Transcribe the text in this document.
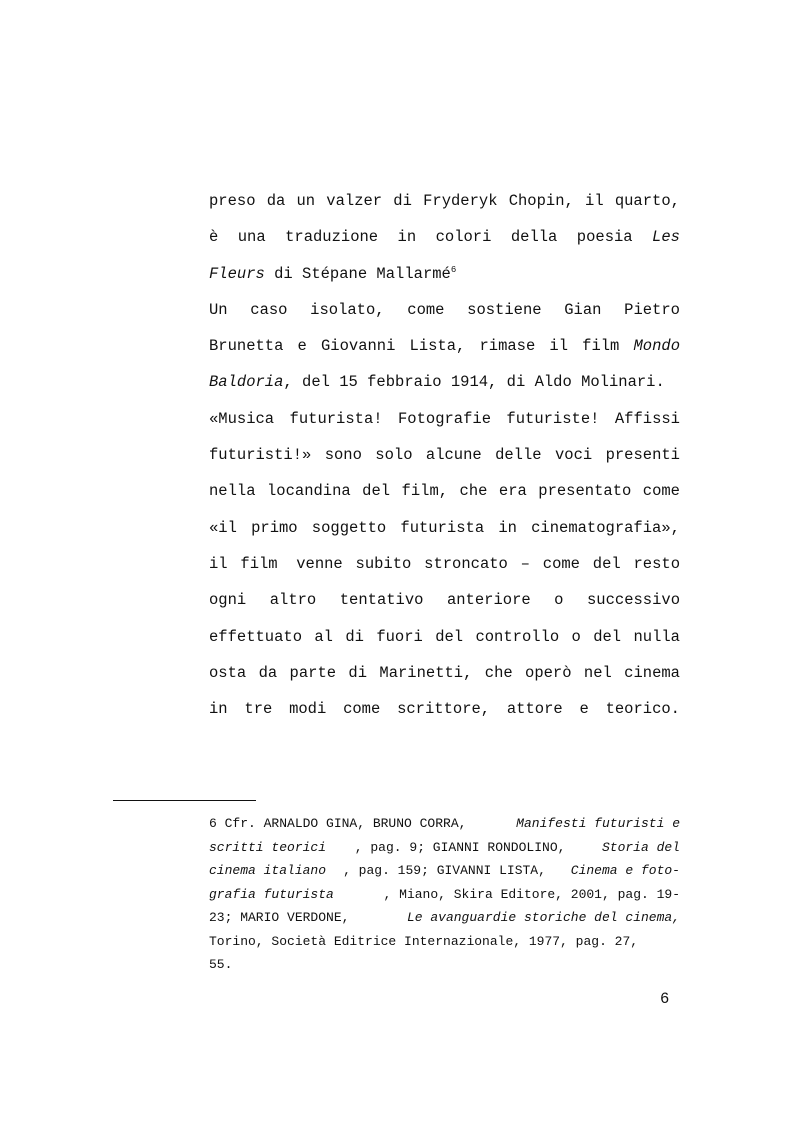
preso da un valzer di Fryderyk Chopin, il quarto,
è una traduzione in colori della poesia Les
Fleurs di Stépane Mallarmé$^6$
Un caso isolato, come sostiene Gian Pietro
Brunetta e Giovanni Lista, rimase il film Mondo
Baldoria, del 15 febbraio 1914, di Aldo Molinari.
«Musica futurista! Fotografie futuriste! Affissi
futuristi!» sono solo alcune delle voci presenti
nella locandina del film, che era presentato come
«il primo soggetto futurista in cinematografia»,
il film  venne subito stroncato – come del resto
ogni altro tentativo anteriore o successivo
effettuato al di fuori del controllo o del nulla
osta da parte di Marinetti, che operò nel cinema
in tre modi come scrittore, attore e teorico.
6 Cfr. ARNALDO GINA, BRUNO CORRA,	Manifesti futuristi e
scritti teorici , pag. 9; GIANNI RONDOLINO, Storia del
cinema italiano , pag. 159; GIVANNI LISTA, Cinema e foto-
grafia futurista	, Miano, Skira Editore, 2001, pag. 19-
23; MARIO VERDONE,	Le avanguardie storiche del cinema,
Torino, Società Editrice Internazionale, 1977, pag. 27,
55.
6
